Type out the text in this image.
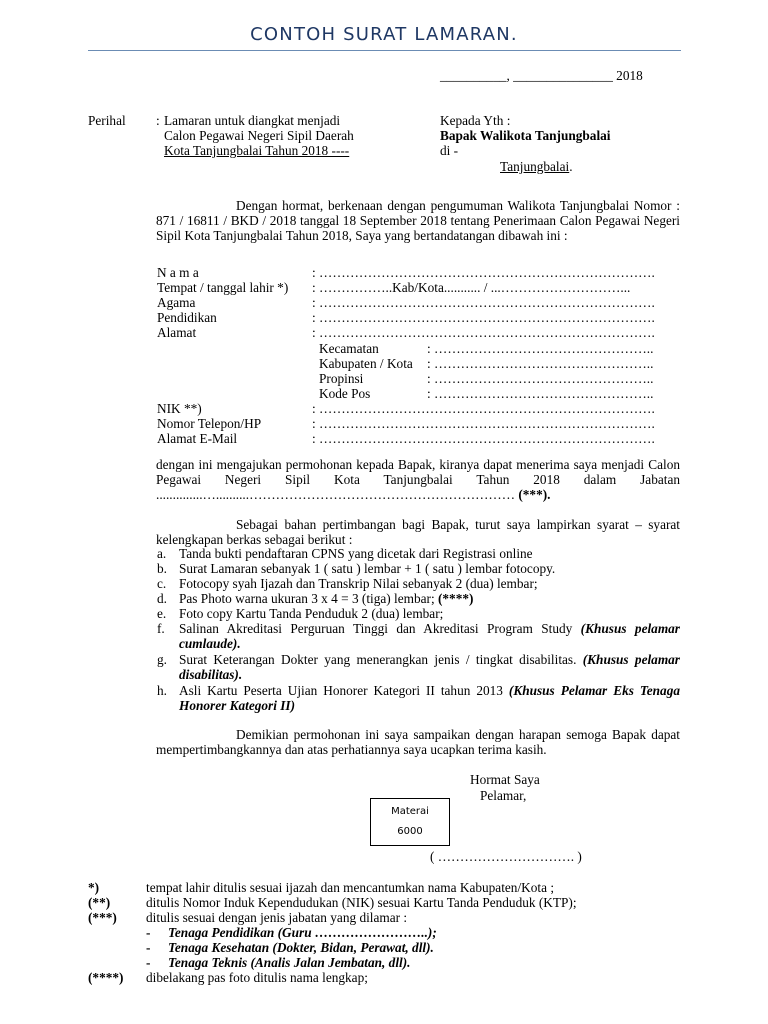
CONTOH SURAT LAMARAN.
__________, _______________ 2018
Perihal : Lamaran untuk diangkat menjadi
Calon Pegawai Negeri Sipil Daerah
Kota Tanjungbalai Tahun 2018 ----
Kepada Yth :
Bapak Walikota Tanjungbalai
di -
Tanjungbalai.
Dengan hormat, berkenaan dengan pengumuman Walikota Tanjungbalai Nomor : 871 / 16811 / BKD / 2018 tanggal 18 September 2018 tentang Penerimaan Calon Pegawai Negeri Sipil Kota Tanjungbalai Tahun 2018, Saya yang bertandatangan dibawah ini :
N a m a	: ………………………………………………………………….
Tempat / tanggal lahir *) : ……………..Kab/Kota........... / ...………………………...
Agama	: ………………………………………………………………….
Pendidikan	: ………………………………………………………………….
Alamat	: ………………………………………………………………….
Kecamatan	: …………………………………………..
Kabupaten / Kota : …………………………………………..
Propinsi	: …………………………………………..
Kode Pos	: …………………………………………..
NIK **)	: ………………………………………………………………….
Nomor Telepon/HP	: ………………………………………………………………….
Alamat E-Mail	: ………………………………………………………………….
dengan ini mengajukan permohonan kepada Bapak, kiranya dapat menerima saya menjadi Calon Pegawai Negeri Sipil Kota Tanjungbalai Tahun 2018 dalam Jabatan ..............…..........…………………………………………………… (***).
Sebagai bahan pertimbangan bagi Bapak, turut saya lampirkan syarat – syarat kelengkapan berkas sebagai berikut :
a. Tanda bukti pendaftaran CPNS yang dicetak dari Registrasi online
b. Surat Lamaran sebanyak 1 ( satu ) lembar + 1 ( satu ) lembar fotocopy.
c. Fotocopy syah Ijazah dan Transkrip Nilai sebanyak 2 (dua) lembar;
d. Pas Photo warna ukuran 3 x 4 = 3 (tiga) lembar; (****)
e. Foto copy Kartu Tanda Penduduk 2 (dua) lembar;
f. Salinan Akreditasi Perguruan Tinggi dan Akreditasi Program Study (Khusus pelamar cumlaude).
g. Surat Keterangan Dokter yang menerangkan jenis / tingkat disabilitas. (Khusus pelamar disabilitas).
h. Asli Kartu Peserta Ujian Honorer Kategori II tahun 2013 (Khusus Pelamar Eks Tenaga Honorer Kategori II)
Demikian permohonan ini saya sampaikan dengan harapan semoga Bapak dapat mempertimbangkannya dan atas perhatiannya saya ucapkan terima kasih.
Hormat Saya
Pelamar,
Materai
6000
( …………………………. )
*)	tempat lahir ditulis sesuai ijazah dan mencantumkan nama Kabupaten/Kota ;
(**)	ditulis Nomor Induk Kependudukan (NIK) sesuai Kartu Tanda Penduduk (KTP);
(***) ditulis sesuai dengan jenis jabatan yang dilamar :
- Tenaga Pendidikan (Guru ……………………..);
- Tenaga Kesehatan (Dokter, Bidan, Perawat, dll).
- Tenaga Teknis (Analis Jalan Jembatan, dll).
(****) dibelakang pas foto ditulis nama lengkap;
